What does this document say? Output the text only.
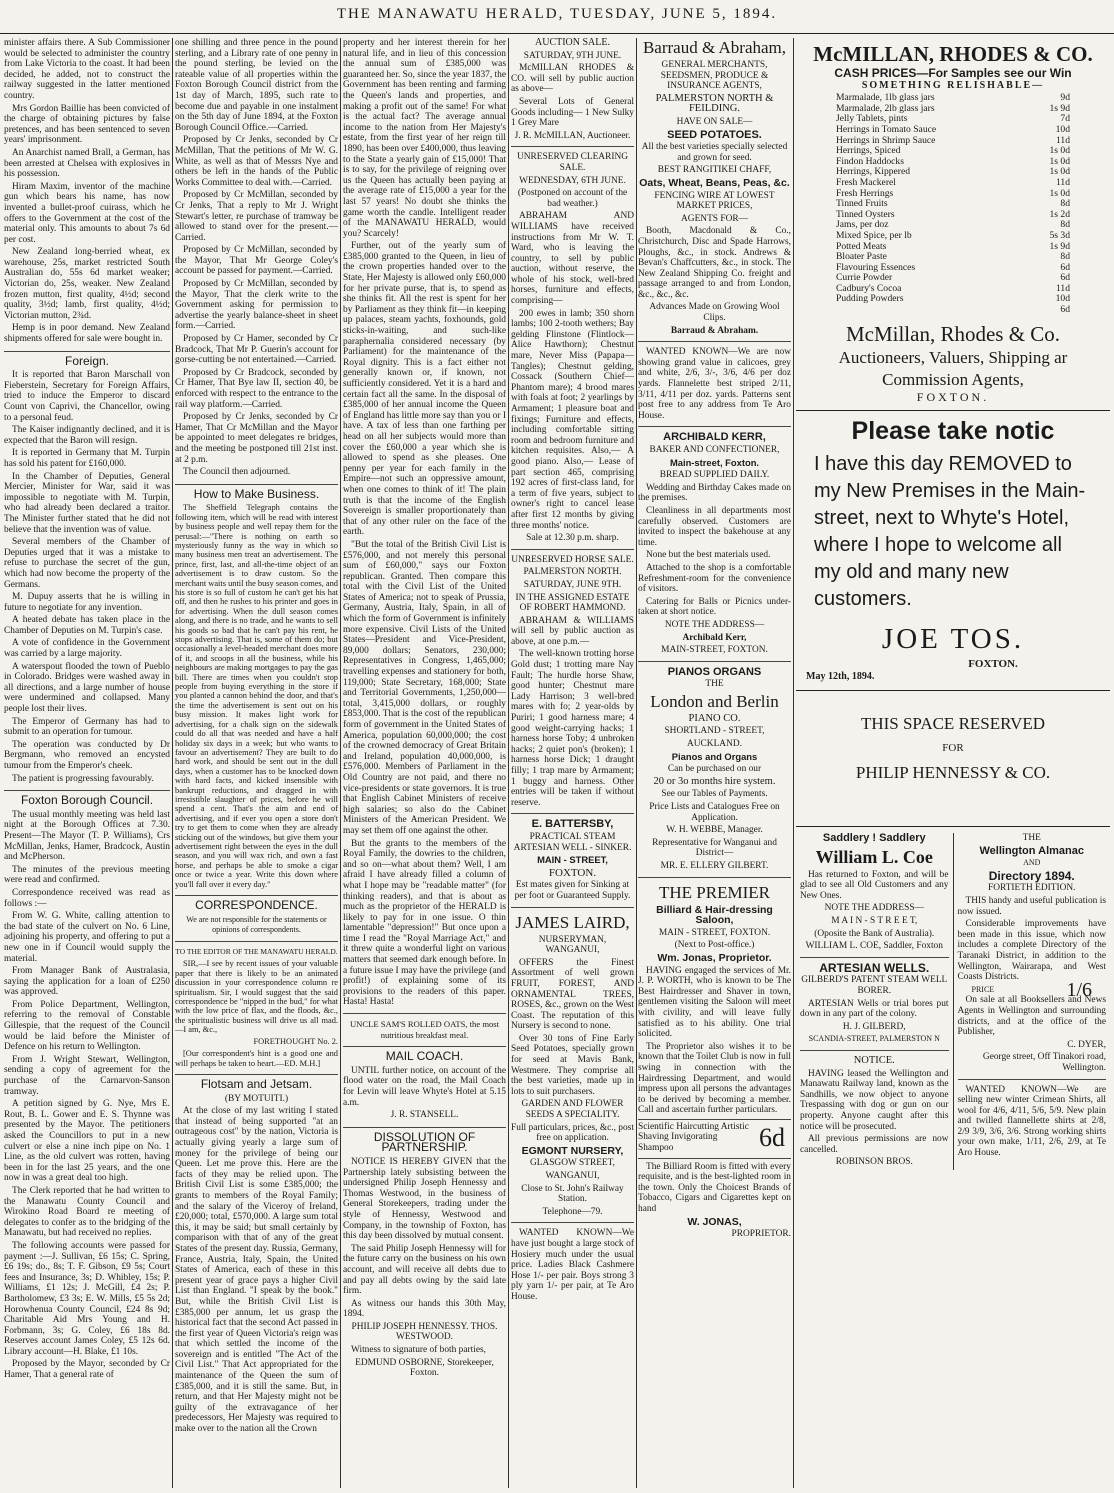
THE MANAWATU HERALD, TUESDAY, JUNE 5, 1894.

minister affairs there. A Sub Commissioner would be selected to administer the country from Lake Victoria to the coast. It had been decided, he added, not to construct the railway suggested in the latter mentioned country.

Mrs Gordon Baillie has been convicted of the charge of obtaining pictures by false pretences, and has been sentenced to seven years' imprisonment.

An Anarchist named Brall, a German, has been arrested at Chelsea with explosives in his possession.

Hiram Maxim, inventor of the machine gun which bears his name, has now invented a bullet-proof cuirass, which he offers to the Government at the cost of the material only. This amounts to about 7s 6d per cost.

New Zealand long-berried wheat, ex warehouse, 25s, market restricted South Australian do, 55s 6d market weaker; Victorian do, 25s, weaker. New Zealand frozen mutton, first quality, 4½d; second quality, 3½d; lamb, first quality, 4½d; Victorian mutton, 2¾d.

Hemp is in poor demand. New Zealand shipments offered for sale were bought in.

Foreign.

It is reported that Baron Marschall von Fieberstein, Secretary for Foreign Affairs, tried to induce the Emperor to discard Count von Caprivi, the Chancellor, owing to a personal feud.

The Kaiser indignantly declined, and it is expected that the Baron will resign.

It is reported in Germany that M. Turpin has sold his patent for £160,000.

In the Chamber of Deputies, General Mercier, Minister for War, said it was impossible to negotiate with M. Turpin, who had already been declared a traitor. The Minister further stated that he did not believe that the invention was of value.

Several members of the Chamber of Deputies urged that it was a mistake to refuse to purchase the secret of the gun, which had now become the property of the Germans.

M. Dupuy asserts that he is willing in future to negotiate for any invention.

A heated debate has taken place in the Chamber of Deputies on M. Turpin's case.

A vote of confidence in the Government was carried by a large majority.

A waterspout flooded the town of Pueblo in Colorado. Bridges were washed away in all directions, and a large number of house were undermined and collapsed. Many people lost their lives.

The Emperor of Germany has had to submit to an operation for tumour.

The operation was conducted by Dr Bergmann, who removed an encysted tumour from the Emperor's cheek.

The patient is progressing favourably.

Foxton Borough Council.

The usual monthly meeting was held last night at the Borough Offices at 7.30. Present—The Mayor (T. P. Williams), Crs McMillan, Jenks, Hamer, Bradcock, Austin and McPherson.

The minutes of the previous meeting were read and confirmed.

Correspondence received was read as follows :—

From W. G. White, calling attention to the bad state of the culvert on No. 6 Line, adjoining his property, and offering to put a new one in if Council would supply the material.

From Manager Bank of Australasia, saying the application for a loan of £250 was approved.

From Police Department, Wellington, referring to the removal of Constable Gillespie, that the request of the Council would be laid before the Minister of Defence on his return to Wellington.

From J. Wright Stewart, Wellington, sending a copy of agreement for the purchase of the Carnarvon-Sanson tramway.

A petition signed by G. Nye, Mrs E. Rout, B. L. Gower and E. S. Thynne was presented by the Mayor. The petitioners asked the Councillors to put in a new culvert or else a nine inch pipe on No. 1 Line, as the old culvert was rotten, having been in for the last 25 years, and the one now in was a great deal too high.

The Clerk reported that he had written to the Manawatu County Council and Wirokino Road Board re meeting of delegates to confer as to the bridging of the Manawatu, but had received no replies.

The following accounts were passed for payment :—J. Sullivan, £6 15s; C. Spring, £6 19s; do., 8s; T. F. Gibson, £9 5s; Court fees and Insurance, 3s; D. Whibley, 15s; P. Williams, £1 12s; J. McGill, £4 2s; P. Bartholomew, £3 3s; E. W. Mills, £5 5s 2d; Horowhenua County Council, £24 8s 9d; Charitable Aid Mrs Young and H. Forbmann, 3s; G. Coley, £6 18s 8d. Reserves account James Coley, £5 12s 6d. Library account—H. Blake, £1 10s.

Proposed by the Mayor, seconded by Cr Hamer, That a general rate of

one shilling and three pence in the pound sterling, and a Library rate of one penny in the pound sterling, be levied on the rateable value of all properties within the Foxton Borough Council district from the 1st day of March, 1895, such rate to become due and payable in one instalment on the 5th day of June 1894, at the Foxton Borough Council Office.—Carried.

Proposed by Cr Jenks, seconded by Cr McMillan, That the petitions of Mr W. G. White, as well as that of Messrs Nye and others be left in the hands of the Public Works Committee to deal with.—Carried.

Proposed by Cr McMillan, seconded by Cr Jenks, That a reply to Mr J. Wright Stewart's letter, re purchase of tramway be allowed to stand over for the present.—Carried.

Proposed by Cr McMillan, seconded by the Mayor, That Mr George Coley's account be passed for payment.—Carried.

Proposed by Cr McMillan, seconded by the Mayor, That the clerk write to the Government asking for permission to advertise the yearly balance-sheet in sheet form.—Carried.

Proposed by Cr Hamer, seconded by Cr Bradcock, That Mr P. Guerin's account for gorse-cutting be not entertained.—Carried.

Proposed by Cr Bradcock, seconded by Cr Hamer, That Bye law II, section 40, be enforced with respect to the entrance to the rail way platform.—Carried.

Proposed by Cr Jenks, seconded by Cr Hamer, That Cr McMillan and the Mayor be appointed to meet delegates re bridges, and the meeting be postponed till 21st inst. at 2 p.m.

The Council then adjourned.

How to Make Business.

The Sheffield Telegraph contains the following item, which will be read with interest by business people and well repay them for the perusal:—"There is nothing on earth so mysteriously funny as the way in which so many business men treat an advertisement. The prince, first, last, and all-the-time object of an advertisement is to draw custom. So the merchant waits until the busy season comes, and his store is so full of custom he can't get his hat off, and then he rushes to his printer and goes in for advertising. When the dull season comes along, and there is no trade, and he wants to sell his goods so bad that he can't pay his rent, he stops advertising. That is, some of them do; but occasionally a level-headed merchant does more of it, and scoops in all the business, while his neighbours are making mortgages to pay the gas bill. There are times when you couldn't stop people from buying everything in the store if you planted a cannon behind the door, and that's the time the advertisement is sent out on his busy mission. It makes light work for advertising, for a chalk sign on the sidewalk could do all that was needed and have a half holiday six days in a week; but who wants to favour an advertisement? They are built to do hard work, and should be sent out in the dull days, when a customer has to be knocked down with hard facts, and kicked insensible with bankrupt reductions, and dragged in with irresistible slaughter of prices, before he will spend a cent. That's the aim and end of advertising, and if ever you open a store don't try to get them to come when they are already sticking out of the windows, but give them your advertisement right between the eyes in the dull season, and you will wax rich, and own a fast horse, and perhaps be able to smoke a cigar once or twice a year. Write this down where you'll fall over it every day."

CORRESPONDENCE.

We are not responsible for the statements or opinions of correspondents.

TO THE EDITOR OF THE MANAWATU HERALD.

SIR,—I see by recent issues of your valuable paper that there is likely to be an animated discussion in your correspondence column re spiritualism. Sir, I would suggest that the said correspondence be "nipped in the bud," for what with the low price of flax, and the floods, &c., the spiritualistic business will drive us all mad.—I am, &c.,

FORETHOUGHT No. 2.

[Our correspondent's hint is a good one and will perhaps be taken to heart.—ED. M.H.]

Flotsam and Jetsam.

(BY MOTUITI.)

At the close of my last writing I stated that instead of being supported "at an outrageous cost" by the nation, Victoria is actually giving yearly a large sum of money for the privilege of being our Queen. Let me prove this. Here are the facts of they may be relied upon. The British Civil List is some £385,000; the grants to members of the Royal Family; and the salary of the Viceroy of Ireland, £20,000; total, £570,000. A large sum total this, it may be said; but small certainly by comparison with that of any of the great States of the present day. Russia, Germany, France, Austria, Italy, Spain, the United States of America, each of these in this present year of grace pays a higher Civil List than England. "I speak by the book." But, while the British Civil List is £385,000 per annum, let us grasp the historical fact that the second Act passed in the first year of Queen Victoria's reign was that which settled the income of the sovereign and is entitled "The Act of the Civil List." That Act appropriated for the maintenance of the Queen the sum of £385,000, and it is still the same. But, in return, and that Her Majesty might not be guilty of the extravagance of her predecessors, Her Majesty was required to make over to the nation all the Crown

property and her interest therein for her natural life, and in lieu of this concession the annual sum of £385,000 was guaranteed her. So, since the year 1837, the Government has been renting and farming the Queen's lands and properties, and making a profit out of the same! For what is the actual fact? The average annual income to the nation from Her Majesty's estate, from the first year of her reign till 1890, has been over £400,000, thus leaving to the State a yearly gain of £15,000! That is to say, for the privilege of reigning over us the Queen has actually been paying at the average rate of £15,000 a year for the last 57 years! No doubt she thinks the game worth the candle. Intelligent reader of the MANAWATU HERALD, would you? Scarcely!

Further, out of the yearly sum of £385,000 granted to the Queen, in lieu of the crown properties handed over to the State, Her Majesty is allowed only £60,000 for her private purse, that is, to spend as she thinks fit. All the rest is spent for her by Parliament as they think fit—in keeping up palaces, steam yachts, foxhounds, gold sticks-in-waiting, and such-like paraphernalia considered necessary (by Parliament) for the maintenance of the Royal dignity. This is a fact either not generally known or, if known, not sufficiently considered. Yet it is a hard and certain fact all the same. In the disposal of £385,000 of her annual income the Queen of England has little more say than you or I have. A tax of less than one farthing per head on all her subjects would more than cover the £60,000 a year which she is allowed to spend as she pleases. One penny per year for each family in the Empire—not such an oppressive amount, when one comes to think of it! The plain truth is that the income of the English Sovereign is smaller proportionately than that of any other ruler on the face of the earth.

"But the total of the British Civil List is £576,000, and not merely this personal sum of £60,000," says our Foxton republican. Granted. Then compare this total with the Civil List of the United States of America; not to speak of Prussia, Germany, Austria, Italy, Spain, in all of which the form of Government is infinitely more expensive. Civil Lists of the United States—President and Vice-President, 89,000 dollars; Senators, 230,000; Representatives in Congress, 1,465,000; travelling expenses and stationery for both, 119,000; State Secretary, 168,000; State and Territorial Governments, 1,250,000—total, 3,415,000 dollars, or roughly £853,000. That is the cost of the republican form of government in the United States of America, population 60,000,000; the cost of the crowned democracy of Great Britain and Ireland, population 40,000,000, is £576,000. Members of Parliament in the Old Country are not paid, and there no vice-presidents or state governors. It is true that English Cabinet Ministers of receive high salaries; so also do the Cabinet Ministers of the American President. We may set them off one against the other.

But the grants to the members of the Royal Family, the dowries to the children, and so on—what about them? Well, I am afraid I have already filled a column of what I hope may be "readable matter" (for thinking readers), and that is about as much as the proprietor of the HERALD is likely to pay for in one issue. O thin lamentable "depression!" But once upon a time I read the "Royal Marriage Act," and it threw quite a wonderful light on various matters that seemed dark enough before. In a future issue I may have the privilege (and profit!) of explaining some of its provisions to the readers of this paper. Hasta! Hasta!

UNCLE SAM'S ROLLED OATS, the most nutritious breakfast meal.

MAIL COACH.

UNTIL further notice, on account of the flood water on the road, the Mail Coach for Levin will leave Whyte's Hotel at 5.15 a.m.

J. R. STANSELL.

DISSOLUTION OF PARTNERSHIP.

NOTICE IS HEREBY GIVEN that the Partnership lately subsisting between the undersigned Philip Joseph Hennessy and Thomas Westwood, in the business of General Storekeepers, trading under the style of Hennessy, Westwood and Company, in the township of Foxton, has this day been dissolved by mutual consent.

The said Philip Joseph Hennessy will for the future carry on the business on his own account, and will receive all debts due to and pay all debts owing by the said late firm.

As witness our hands this 30th May, 1894.

PHILIP JOSEPH HENNESSY. THOS. WESTWOOD.

Witness to signature of both parties,

EDMUND OSBORNE, Storekeeper, Foxton.

AUCTION SALE.

SATURDAY, 9TH JUNE.

McMILLAN RHODES & CO. will sell by public auction as above—

Several Lots of General Goods including— 1 New Sulky 1 Grey Mare

J. R. McMILLAN, Auctioneer.

UNRESERVED CLEARING SALE.

WEDNESDAY, 6TH JUNE.

(Postponed on account of the bad weather.)

ABRAHAM AND WILLIAMS have received instructions from Mr W. T. Ward, who is leaving the country, to sell by public auction, without reserve, the whole of his stock, well-bred horses, furniture and effects, comprising—

200 ewes in lamb; 350 shorn lambs; 100 2-tooth wethers; Bay gelding Flinstone (Flintlock—Alice Hawthorn); Chestnut mare, Never Miss (Papapa—Tangles); Chestnut gelding, Cossack (Southern Chief—Phantom mare); 4 brood mares with foals at foot; 2 yearlings by Armament; 1 pleasure boat and fixings; Furniture and effects, including comfortable sitting room and bedroom furniture and kitchen requisites. Also,— A good piano. Also,— Lease of part section 465, comprising 192 acres of first-class land, for a term of five years, subject to owner's right to cancel lease after first 12 months by giving three months' notice.

Sale at 12.30 p.m. sharp.

UNRESERVED HORSE SALE.

PALMERSTON NORTH.

SATURDAY, JUNE 9TH.

IN THE ASSIGNED ESTATE OF ROBERT HAMMOND.

ABRAHAM & WILLIAMS will sell by public auction as above, at one p.m.—

The well-known trotting horse Gold dust; 1 trotting mare Nay Fault; The hurdle horse Shaw, good hunter; Chestnut mare Lady Harrison; 3 well-bred mares with fo; 2 year-olds by Puriri; 1 good harness mare; 4 good weight-carrying hacks; 1 harness horse Toby; 4 unbroken hacks; 2 quiet pon's (broken); 1 harness horse Dick; 1 draught filly; 1 trap mare by Armament; 1 buggy and harness. Other entries will be taken if without reserve.

E. BATTERSBY,

PRACTICAL STEAM ARTESIAN WELL - SINKER.

MAIN - STREET,

FOXTON.

Est mates given for Sinking at per foot or Guaranteed Supply.

JAMES LAIRD,

NURSERYMAN, WANGANUI,

OFFERS the Finest Assortment of well grown FRUIT, FOREST, AND ORNAMENTAL TREES, ROSES, &c., grown on the West Coast. The reputation of this Nursery is second to none.

Over 30 tons of Fine Early Seed Potatoes, specially grown for seed at Mavis Bank, Westmere. They comprise all the best varieties, made up in lots to suit purchasers.

GARDEN AND FLOWER SEEDS A SPECIALITY.

Full particulars, prices, &c., post free on application.

EGMONT NURSERY,

GLASGOW STREET,

WANGANUI,

Close to St. John's Railway Station.

Telephone—79.

WANTED KNOWN—We have just bought a large stock of Hosiery much under the usual price. Ladies Black Cashmere Hose 1/- per pair. Boys strong 3 ply yarn 1/- per pair, at Te Aro House.

Barraud & Abraham,

GENERAL MERCHANTS, SEEDSMEN, PRODUCE & INSURANCE AGENTS,

PALMERSTON NORTH & FEILDING.

HAVE ON SALE—

SEED POTATOES.

All the best varieties specially selected and grown for seed.

BEST RANGITIKEI CHAFF,

Oats, Wheat, Beans, Peas, &c.

FENCING WIRE AT LOWEST MARKET PRICES,

AGENTS FOR—

Booth, Macdonald & Co., Christchurch, Disc and Spade Harrows, Ploughs, &c., in stock. Andrews & Bevan's Chaffcutters, &c., in stock. The New Zealand Shipping Co. freight and passage arranged to and from London, &c., &c., &c.

Advances Made on Growing Wool Clips.

Barraud & Abraham.

WANTED KNOWN—We are now showing grand value in calicoes, grey and white, 2/6, 3/-, 3/6, 4/6 per doz yards. Flannelette best striped 2/11, 3/11, 4/11 per doz. yards. Patterns sent post free to any address from Te Aro House.

ARCHIBALD KERR,

BAKER AND CONFECTIONER,

Main-street, Foxton.

BREAD SUPPLIED DAILY.

Wedding and Birthday Cakes made on the premises.

Cleanliness in all departments most carefully observed. Customers are invited to inspect the bakehouse at any time.

None but the best materials used.

Attached to the shop is a comfortable Refreshment-room for the convenience of visitors.

Catering for Balls or Picnics under-taken at short notice.

NOTE THE ADDRESS—

Archibald Kerr,

MAIN-STREET, FOXTON.

PIANOS ORGANS

THE

London and Berlin

PIANO CO.

SHORTLAND - STREET,

AUCKLAND.

Pianos and Organs

Can be purchased on our

20 or 3o months hire system.

See our Tables of Payments.

Price Lists and Catalogues Free on Application.

W. H. WEBBE, Manager.

Representative for Wanganui and District—

MR. E. ELLERY GILBERT.

THE PREMIER

Billiard & Hair-dressing Saloon,

MAIN - STREET, FOXTON.

(Next to Post-office.)

Wm. Jonas, Proprietor.

HAVING engaged the services of Mr. J. P. WORTH, who is known to be The Best Hairdresser and Shaver in town, gentlemen visiting the Saloon will meet with civility, and will leave fully satisfied as to his ability. One trial solicited.

The Proprietor also wishes it to be known that the Toilet Club is now in full swing in connection with the Hairdressing Department, and would impress upon all persons the advantages to be derived by becoming a member. Call and ascertain further particulars.

Scientific Haircutting Artistic Shaving Invigorating Shampoo	6d

The Billiard Room is fitted with every requisite, and is the best-lighted room in the town. Only the Choicest Brands of Tobacco, Cigars and Cigarettes kept on hand

W. JONAS,

PROPRIETOR.

McMILLAN, RHODES & CO.

CASH PRICES—For Samples see our Win

SOMETHING RELISHABLE—

Marmalade, 1lb glass jars	9d
Marmalade, 2lb glass jars	1s 9d
Jelly Tablets, pints	7d
Herrings in Tomato Sauce	10d
Herrings in Shrimp Sauce	11d
Herrings, Spiced	1s 0d
Findon Haddocks	1s 0d
Herrings, Kippered	1s 0d
Fresh Mackerel	11d
Fresh Herrings	1s 0d
Tinned Fruits	8d
Tinned Oysters	1s 2d
Jams, per doz	8d
Mixed Spice, per lb	5s 3d
Potted Meats	1s 9d
Bloater Paste	8d
Flavouring Essences	6d
Currie Powder	6d
Cadbury's Cocoa	11d
Pudding Powders	10d
6d

McMillan, Rhodes & Co.

Auctioneers, Valuers, Shipping ar

Commission Agents,

FOXTON.

Please take notic

I have this day REMOVED to my New Premises in the Main-street, next to Whyte's Hotel, where I hope to welcome all my old and many new customers.

JOE TOS.

FOXTON.

May 12th, 1894.

THIS SPACE RESERVED

FOR

PHILIP HENNESSY & CO.

Saddlery ! Saddlery

William L. Coe

Has returned to Foxton, and will be glad to see all Old Customers and any New Ones.

NOTE THE ADDRESS—

M A I N - S T R E E T,

(Oposite the Bank of Australia).

WILLIAM L. COE, Saddler, Foxton

ARTESIAN WELLS.

GILBERD'S PATENT STEAM WELL BORER.

ARTESIAN Wells or trial bores put down in any part of the colony.

H. J. GILBERD,

SCANDIA-STREET, PALMERSTON N

NOTICE.

HAVING leased the Wellington and Manawatu Railway land, known as the Sandhills, we now object to anyone Trespassing with dog or gun on our property. Anyone caught after this notice will be prosecuted.

All previous permissions are now cancelled.

ROBINSON BROS.

THE

Wellington Almanac

AND

Directory 1894.

FORTIETH EDITION.

THIS handy and useful publication is now issued.

Considerable improvements have been made in this issue, which now includes a complete Directory of the Taranaki District, in addition to the Wellington, Wairarapa, and West Coasts Districts.

PRICE	1/6

On sale at all Booksellers and News Agents in Wellington and surrounding districts, and at the office of the Publisher,

C. DYER,

George street, Off Tinakori road, Wellington.

WANTED KNOWN—We are selling new winter Crimean Shirts, all wool for 4/6, 4/11, 5/6, 5/9. New plain and twilled flannellette shirts at 2/8, 2/9 3/9, 3/6, 3/6. Strong working shirts your own make, 1/11, 2/6, 2/9, at Te Aro House.
